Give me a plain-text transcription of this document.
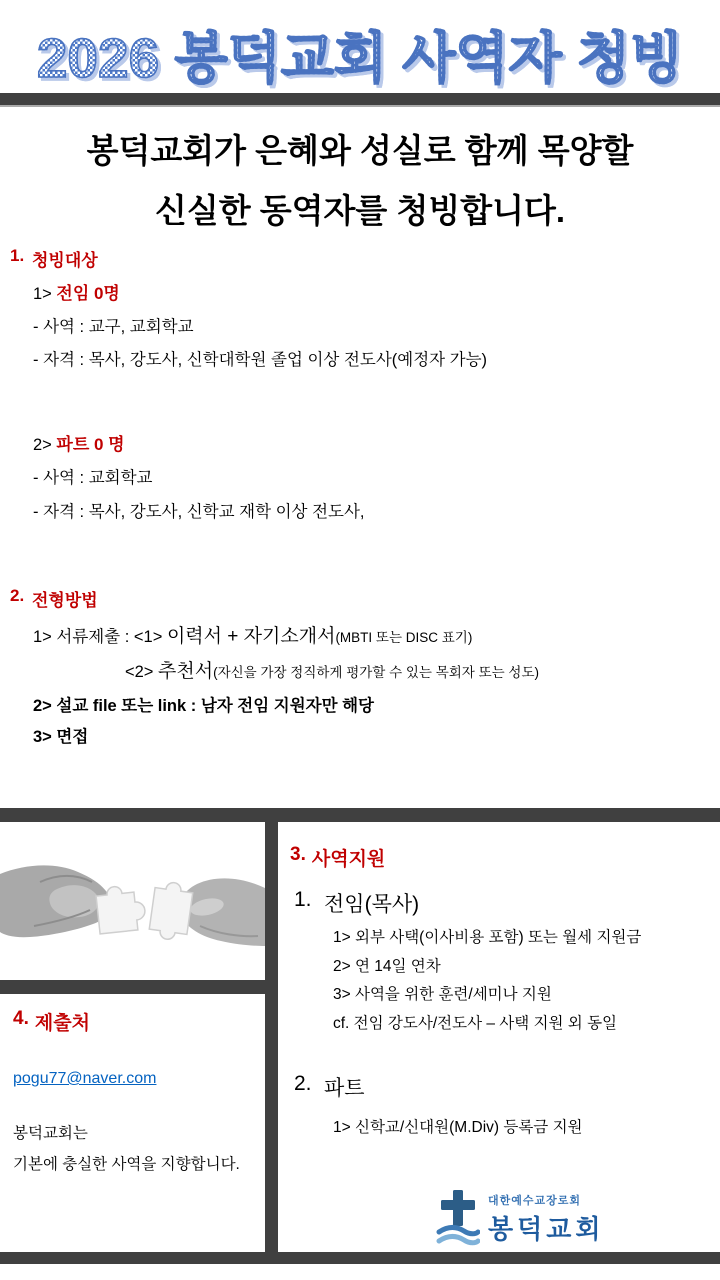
2026 봉덕교회 사역자 청빙
봉덕교회가 은혜와 성실로 함께 목양할
신실한 동역자를 청빙합니다.
1. 청빙대상
1> 전임 0명
- 사역 : 교구, 교회학교
- 자격 : 목사, 강도사, 신학대학원 졸업 이상 전도사(예정자 가능)
2> 파트 0 명
- 사역 : 교회학교
- 자격 : 목사, 강도사, 신학교 재학 이상 전도사,
2. 전형방법
1> 서류제출 : <1> 이력서 + 자기소개서(MBTI 또는 DISC 표기)
<2> 추천서(자신을 가장 정직하게 평가할 수 있는 목회자 또는 성도)
2> 설교 file 또는 link : 남자 전임 지원자만 해당
3> 면접
4. 제출처
pogu77@naver.com
봉덕교회는
기본에 충실한 사역을 지향합니다.
3. 사역지원
1. 전임(목사)
1> 외부 사택(이사비용 포함) 또는 월세 지원금
2> 연 14일 연차
3> 사역을 위한 훈련/세미나 지원
cf. 전임 강도사/전도사 – 사택 지원 외 동일
2. 파트
1> 신학교/신대원(M.Div) 등록금 지원
대한예수교장로회
봉덕교회
